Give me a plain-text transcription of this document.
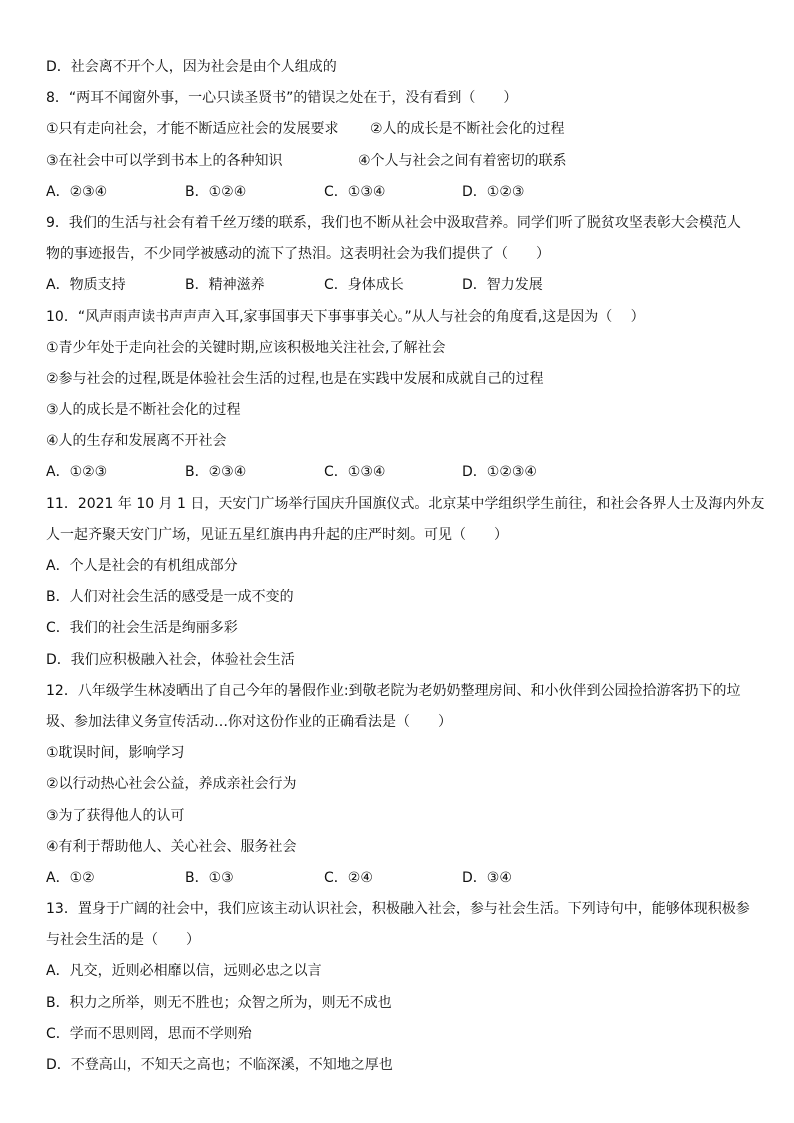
D．社会离不开个人，因为社会是由个人组成的
8．“两耳不闻窗外事，一心只读圣贤书”的错误之处在于，没有看到（　　）
①只有走向社会，才能不断适应社会的发展要求	②人的成长是不断社会化的过程
③在社会中可以学到书本上的各种知识	④个人与社会之间有着密切的联系
A．②③④	B．①②④	C．①③④	D．①②③
9．我们的生活与社会有着千丝万缕的联系，我们也不断从社会中汲取营养。同学们听了脱贫攻坚表彰大会模范人
物的事迹报告，不少同学被感动的流下了热泪。这表明社会为我们提供了（　　）
A．物质支持	B．精神滋养	C．身体成长	D．智力发展
10．“风声雨声读书声声声入耳,家事国事天下事事事关心。”从人与社会的角度看,这是因为（　 ）
①青少年处于走向社会的关键时期,应该积极地关注社会,了解社会
②参与社会的过程,既是体验社会生活的过程,也是在实践中发展和成就自己的过程
③人的成长是不断社会化的过程
④人的生存和发展离不开社会
A．①②③	B．②③④	C．①③④	D．①②③④
11．2021 年 10 月 1 日，天安门广场举行国庆升国旗仪式。北京某中学组织学生前往，和社会各界人士及海内外友
人一起齐聚天安门广场，见证五星红旗冉冉升起的庄严时刻。可见（　　）
A．个人是社会的有机组成部分
B．人们对社会生活的感受是一成不变的
C．我们的社会生活是绚丽多彩
D．我们应积极融入社会，体验社会生活
12．八年级学生林凌晒出了自己今年的暑假作业:到敬老院为老奶奶整理房间、和小伙伴到公园捡拾游客扔下的垃
圾、参加法律义务宣传活动…你对这份作业的正确看法是（　　）
①耽误时间，影响学习
②以行动热心社会公益，养成亲社会行为
③为了获得他人的认可
④有利于帮助他人、关心社会、服务社会
A．①②	B．①③	C．②④	D．③④
13．置身于广阔的社会中，我们应该主动认识社会，积极融入社会，参与社会生活。下列诗句中，能够体现积极参
与社会生活的是（　　）
A．凡交，近则必相靡以信，远则必忠之以言
B．积力之所举，则无不胜也；众智之所为，则无不成也
C．学而不思则罔，思而不学则殆
D．不登高山，不知天之高也；不临深溪，不知地之厚也
